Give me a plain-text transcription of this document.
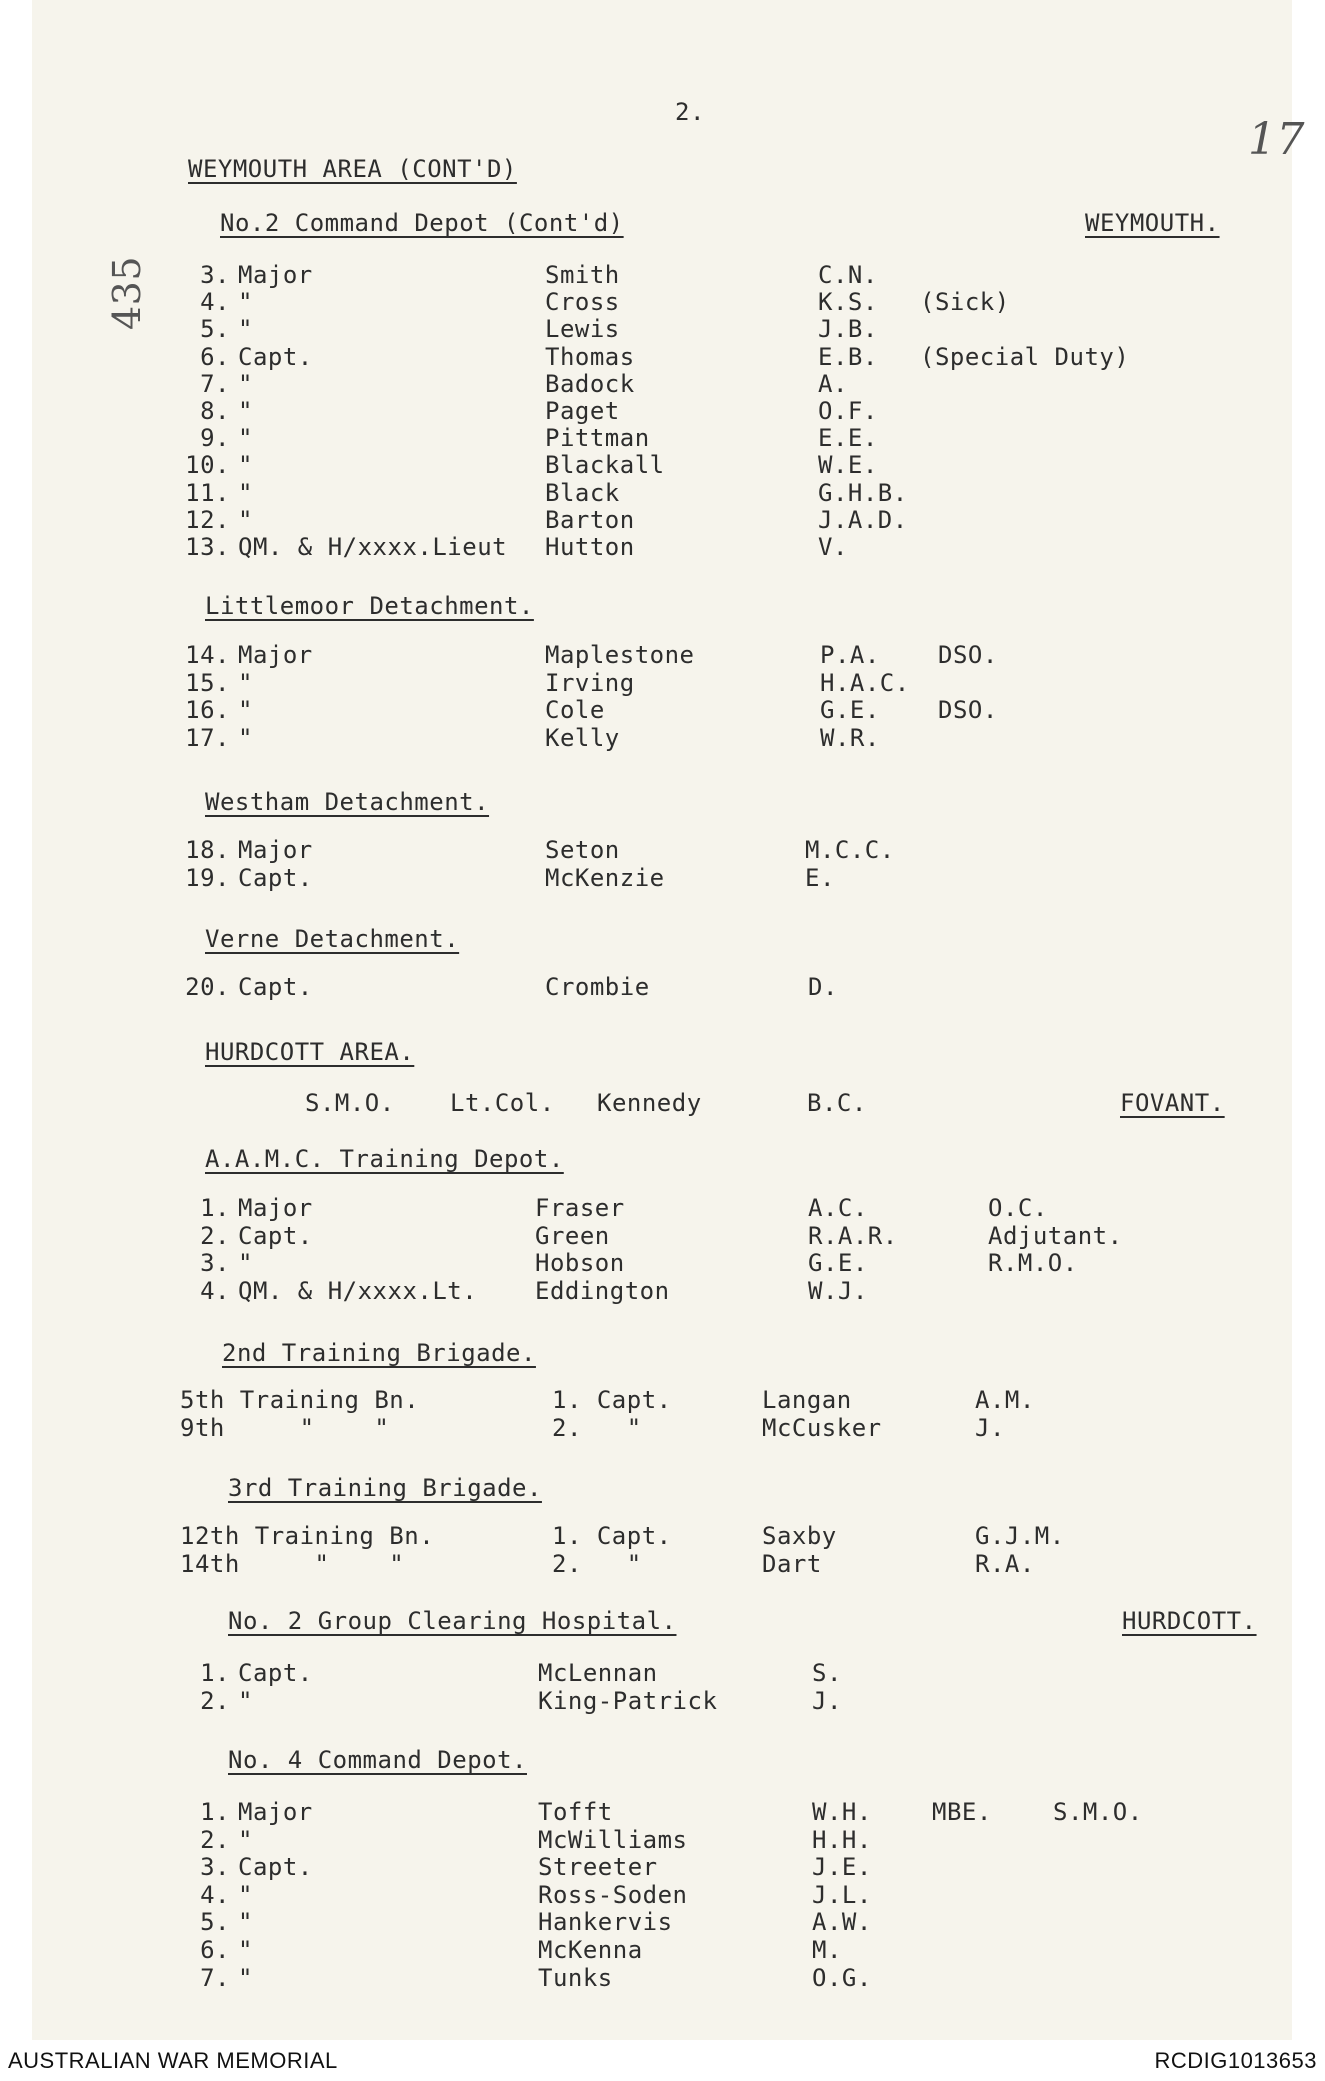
2.
17
435
WEYMOUTH AREA (CONT'D)
No.2 Command Depot (Cont'd)	WEYMOUTH.
3. Major	Smith	C.N.
4. "	Cross	K.S. (Sick)
5. "	Lewis	J.B.
6. Capt.	Thomas	E.B. (Special Duty)
7. "	Badock	A.
8. "	Paget	O.F.
9. "	Pittman	E.E.
10. "	Blackall	W.E.
11. "	Black	G.H.B.
12. "	Barton	J.A.D.
13. QM. & H/xxxx.Lieut Hutton	V.
Littlemoor Detachment.
14. Major	Maplestone	P.A. DSO.
15. "	Irving	H.A.C.
16. "	Cole	G.E. DSO.
17. "	Kelly	W.R.
Westham Detachment.
18. Major	Seton	M.C.C.
19. Capt.	McKenzie	E.
Verne Detachment.
20. Capt.	Crombie	D.
HURDCOTT AREA.
S.M.O. Lt.Col. Kennedy	B.C.	FOVANT.
A.A.M.C. Training Depot.
1. Major	Fraser	A.C.	O.C.
2. Capt.	Green	R.A.R.	Adjutant.
3. "	Hobson	G.E.	R.M.O.
4. QM. & H/xxxx.Lt. Eddington	W.J.
2nd Training Brigade.
5th Training Bn.	1. Capt.	Langan	A.M.
9th     "    "	2.   "	McCusker	J.
3rd Training Brigade.
12th Training Bn.	1. Capt.	Saxby	G.J.M.
14th     "    "	2.   "	Dart	R.A.
No. 2 Group Clearing Hospital.	HURDCOTT.
1. Capt.	McLennan	S.
2. "	King-Patrick	J.
No. 4 Command Depot.
1. Major	Tofft	W.H.	MBE.	S.M.O.
2. "	McWilliams	H.H.
3. Capt.	Streeter	J.E.
4. "	Ross-Soden	J.L.
5. "	Hankervis	A.W.
6. "	McKenna	M.
7. "	Tunks	O.G.
AUSTRALIAN WAR MEMORIAL	RCDIG1013653
